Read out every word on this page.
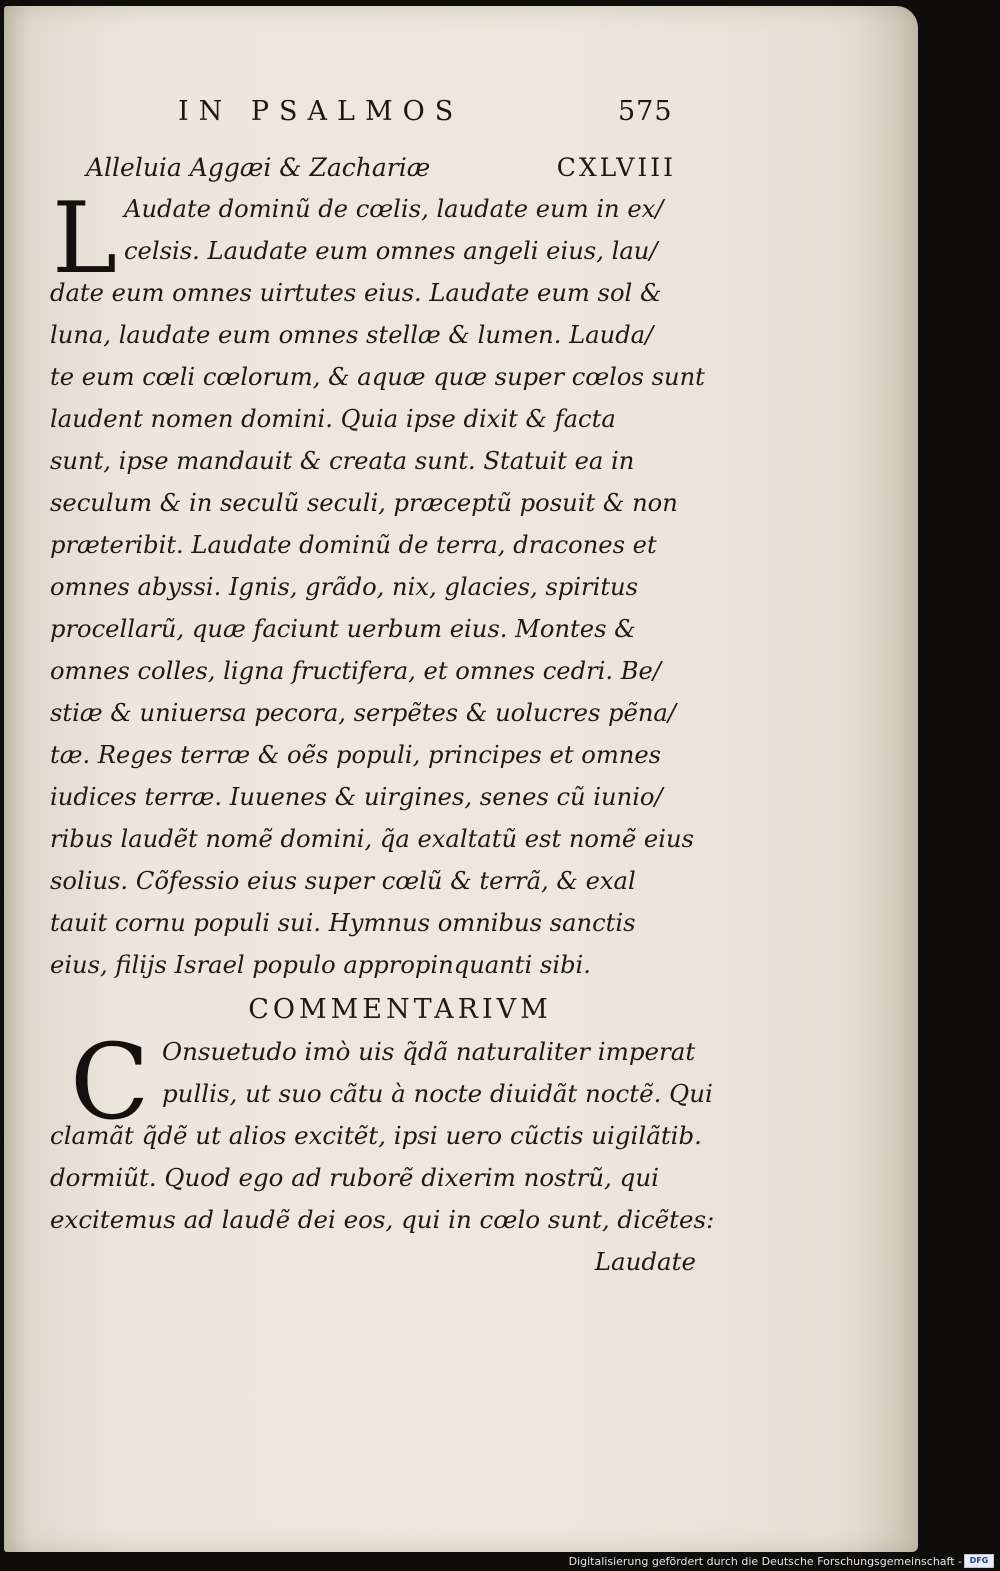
IN PSALMOS	575
Alleluia Aggæi & Zachariæ	CXLVIII
L Audate dominũ de cœlis, laudate eum in ex/
celsis. Laudate eum omnes angeli eius, lau/
date eum omnes uirtutes eius. Laudate eum sol &
luna, laudate eum omnes stellæ & lumen. Lauda/
te eum cœli cœlorum, & aquæ quæ super cœlos sunt
laudent nomen domini. Quia ipse dixit & facta
sunt, ipse mandauit & creata sunt. Statuit ea in
seculum & in seculũ seculi, præceptũ posuit & non
præteribit. Laudate dominũ de terra, dracones et
omnes abyssi. Ignis, grãdo, nix, glacies, spiritus
procellarũ, quæ faciunt uerbum eius. Montes &
omnes colles, ligna fructifera, et omnes cedri. Be/
stiæ & uniuersa pecora, serpẽtes & uolucres pẽna/
tæ. Reges terræ & oẽs populi, principes et omnes
iudices terræ. Iuuenes & uirgines, senes cũ iunio/
ribus laudẽt nomẽ domini, q̃a exaltatũ est nomẽ eius
solius. Cõfessio eius super cœlũ & terrã, & exal
tauit cornu populi sui. Hymnus omnibus sanctis
eius, filijs Israel populo appropinquanti sibi.
COMMENTARIVM
C Onsuetudo imò uis q̃dã naturaliter imperat
pullis, ut suo cãtu à nocte diuidãt noctẽ. Qui
clamãt q̃dẽ ut alios excitẽt, ipsi uero cũctis uigilãtib.
dormiũt. Quod ego ad ruborẽ dixerim nostrũ, qui
excitemus ad laudẽ dei eos, qui in cœlo sunt, dicẽtes:
Laudate
Digitalisierung gefördert durch die Deutsche Forschungsgemeinschaft - DFG
